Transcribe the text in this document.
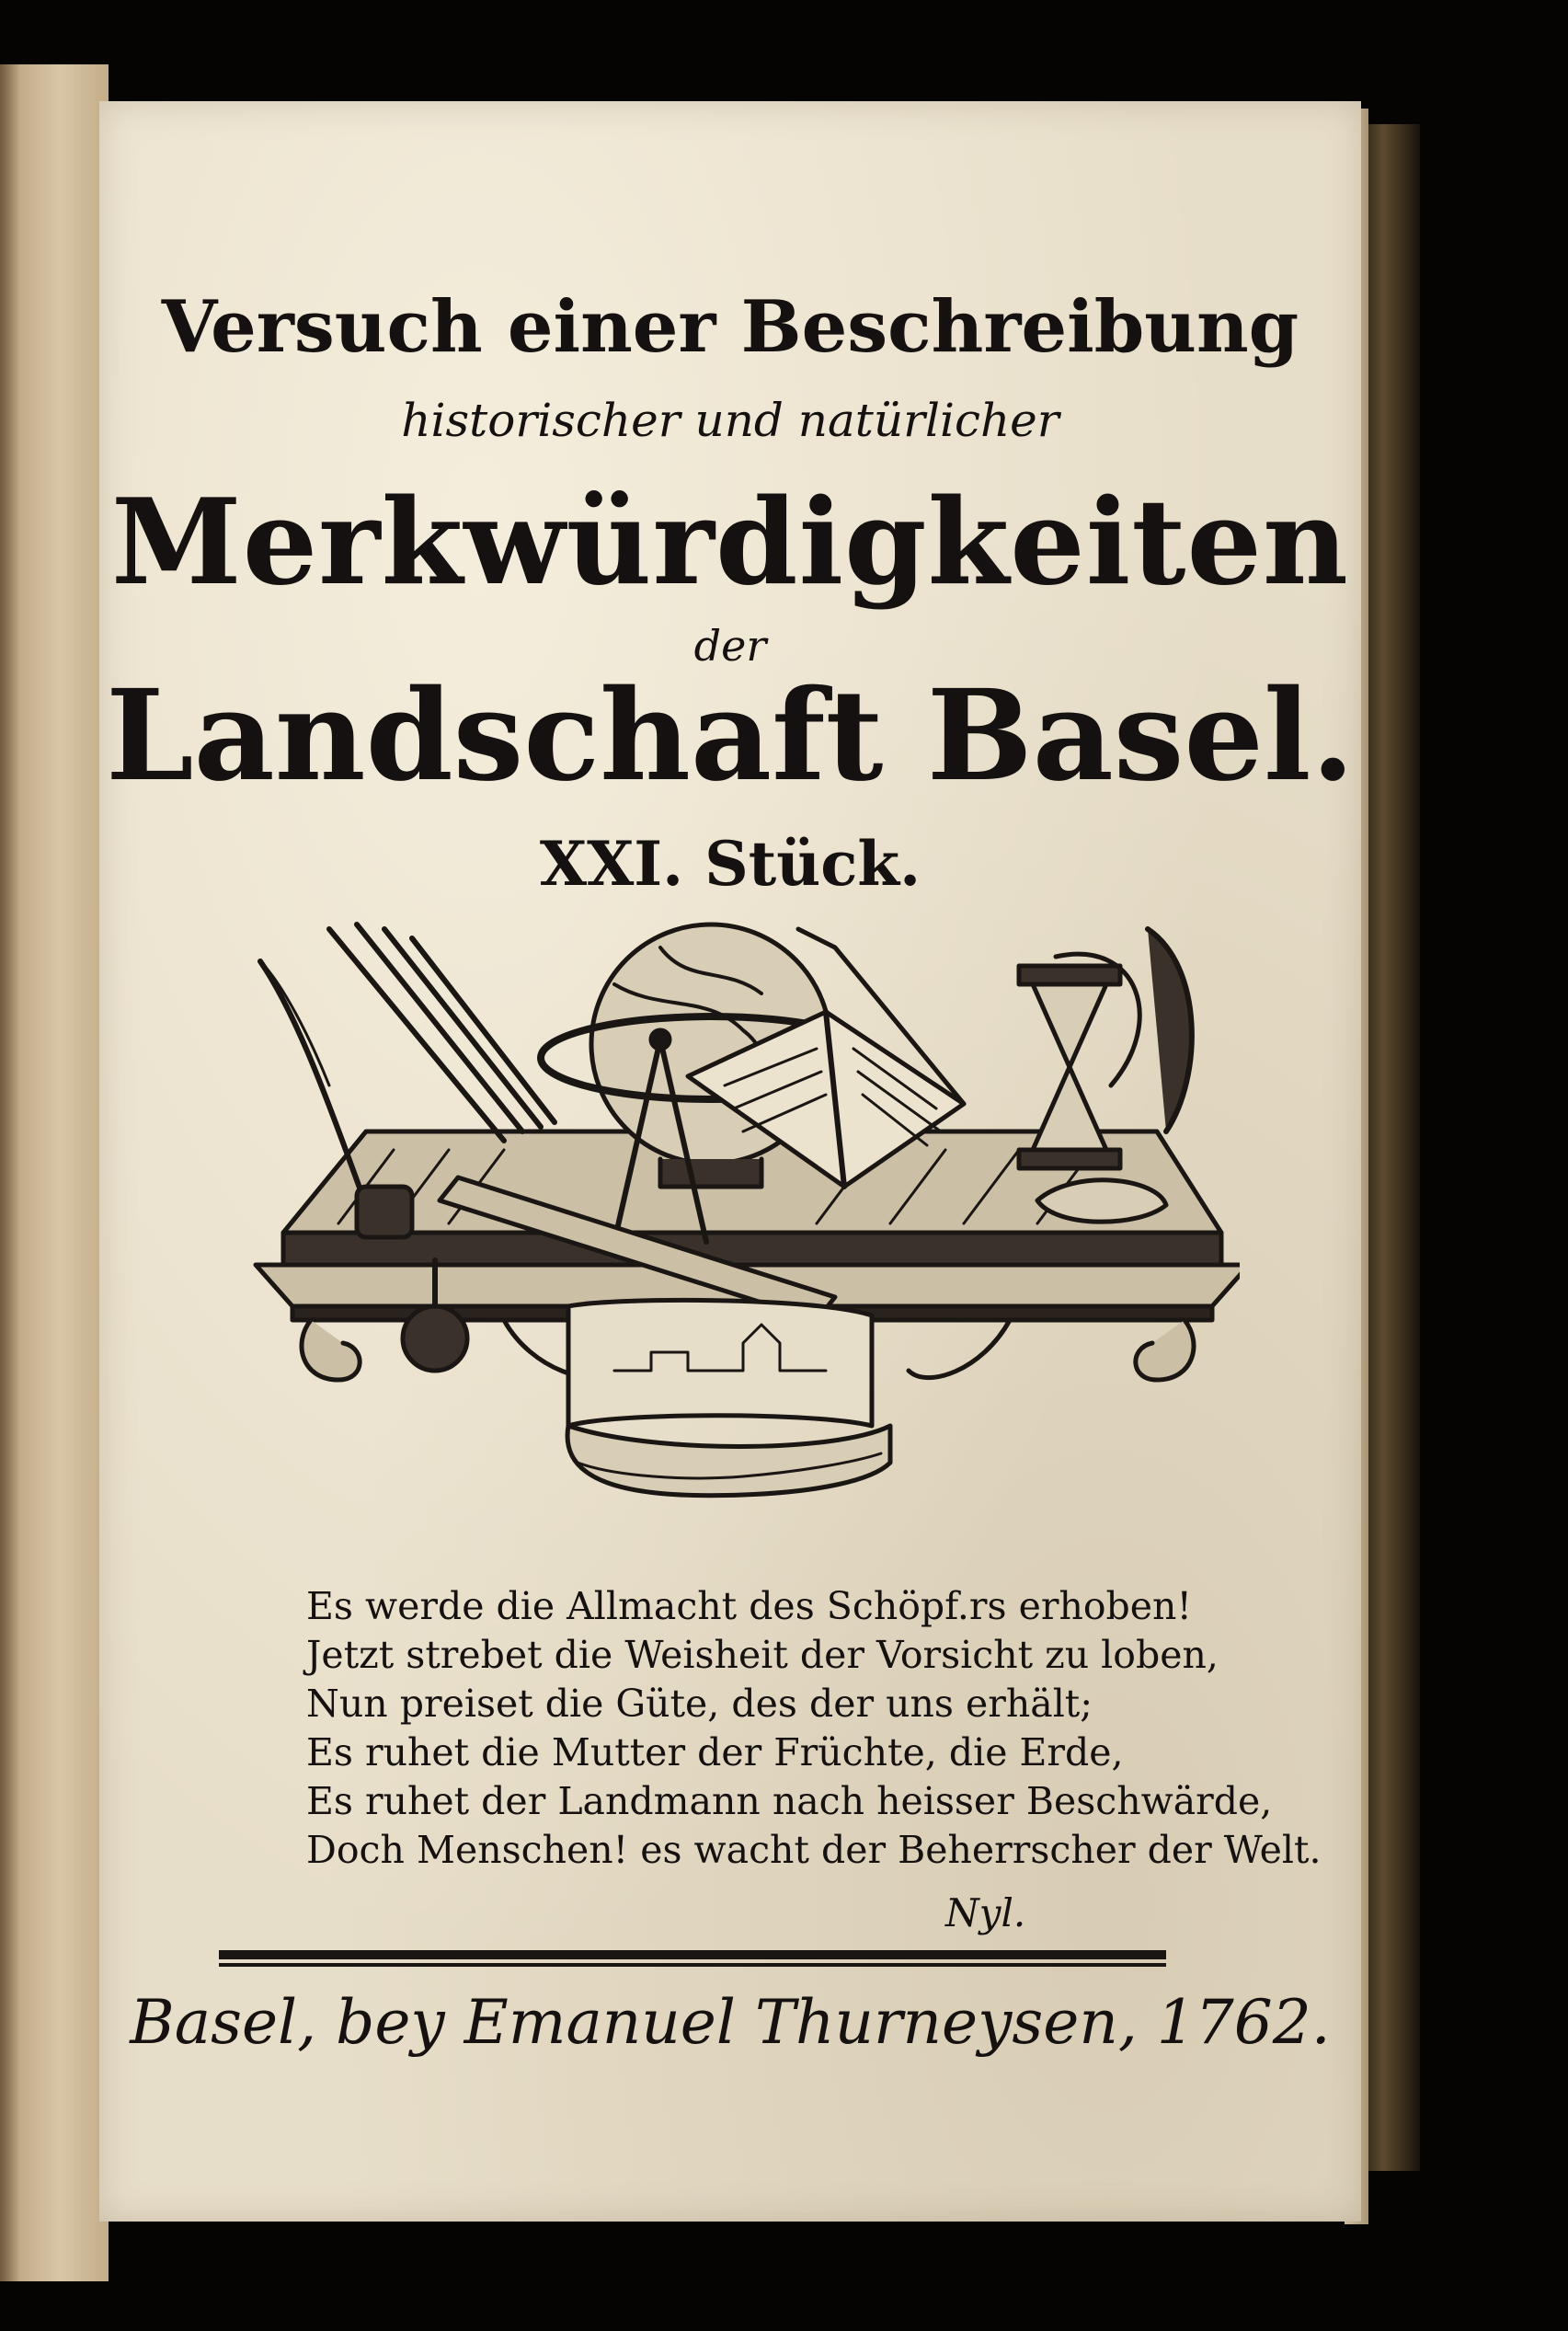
Versuch einer Beschreibung

historischer und natürlicher

Merkwürdigkeiten

der

Landschaft Basel.

XXI. Stück.

Es werde die Allmacht des Schöpf.rs erhoben!
Jetzt strebet die Weisheit der Vorsicht zu loben,
Nun preiset die Güte, des der uns erhält;
Es ruhet die Mutter der Früchte, die Erde,
Es ruhet der Landmann nach heisser Beschwärde,
Doch Menschen! es wacht der Beherrscher der Welt.
Nyl.
Basel, bey Emanuel Thurneysen, 1762.
